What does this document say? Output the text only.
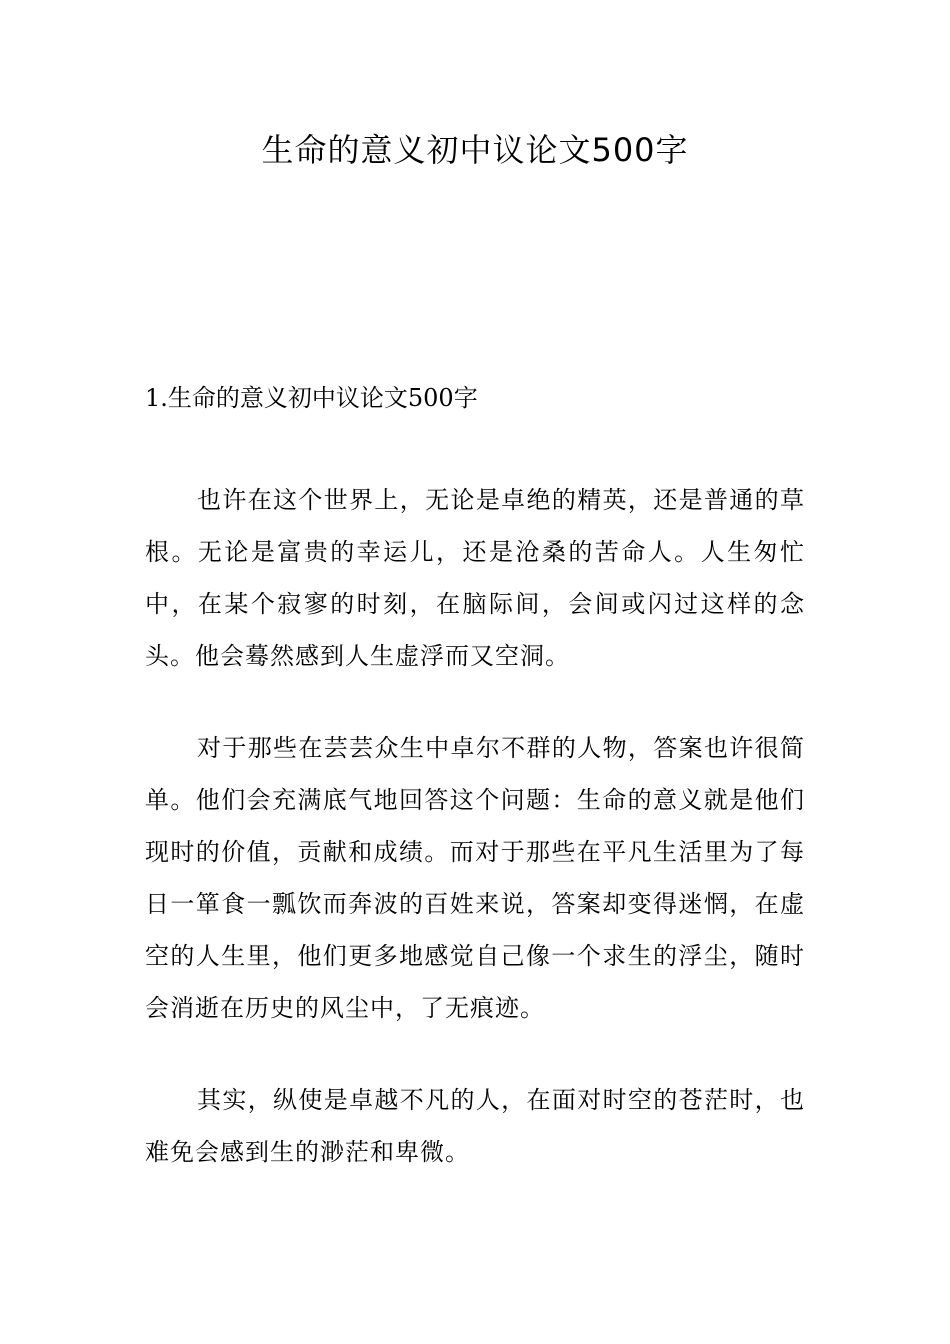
生命的意义初中议论文500字

1.生命的意义初中议论文500字

也许在这个世界上，无论是卓绝的精英，还是普通的草根。无论是富贵的幸运儿，还是沧桑的苦命人。人生匆忙中，在某个寂寥的时刻，在脑际间，会间或闪过这样的念头。他会蓦然感到人生虚浮而又空洞。

对于那些在芸芸众生中卓尔不群的人物，答案也许很简单。他们会充满底气地回答这个问题：生命的意义就是他们现时的价值，贡献和成绩。而对于那些在平凡生活里为了每日一箪食一瓢饮而奔波的百姓来说，答案却变得迷惘，在虚空的人生里，他们更多地感觉自己像一个求生的浮尘，随时会消逝在历史的风尘中，了无痕迹。

其实，纵使是卓越不凡的人，在面对时空的苍茫时，也难免会感到生的渺茫和卑微。
